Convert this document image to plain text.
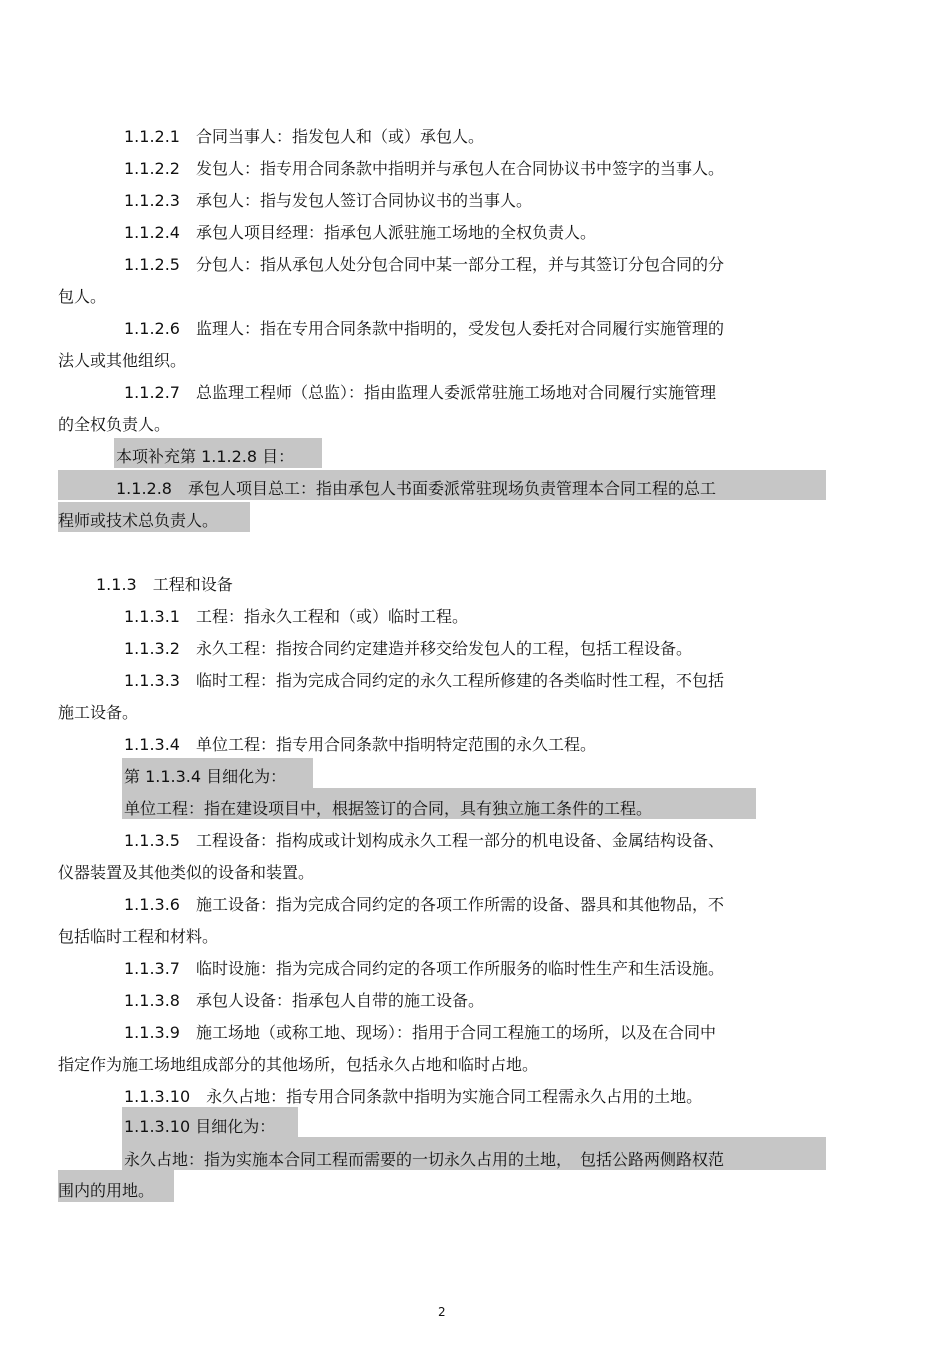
1.1.2.1　合同当事人：指发包人和（或）承包人。
1.1.2.2　发包人：指专用合同条款中指明并与承包人在合同协议书中签字的当事人。
1.1.2.3　承包人：指与发包人签订合同协议书的当事人。
1.1.2.4　承包人项目经理：指承包人派驻施工场地的全权负责人。
1.1.2.5　分包人：指从承包人处分包合同中某一部分工程，并与其签订分包合同的分
包人。
1.1.2.6　监理人：指在专用合同条款中指明的，受发包人委托对合同履行实施管理的
法人或其他组织。
1.1.2.7　总监理工程师（总监）：指由监理人委派常驻施工场地对合同履行实施管理
的全权负责人。
本项补充第 1.1.2.8 目：
1.1.2.8　承包人项目总工：指由承包人书面委派常驻现场负责管理本合同工程的总工
程师或技术总负责人。
1.1.3　工程和设备
1.1.3.1　工程：指永久工程和（或）临时工程。
1.1.3.2　永久工程：指按合同约定建造并移交给发包人的工程，包括工程设备。
1.1.3.3　临时工程：指为完成合同约定的永久工程所修建的各类临时性工程，不包括
施工设备。
1.1.3.4　单位工程：指专用合同条款中指明特定范围的永久工程。
第 1.1.3.4 目细化为：
单位工程：指在建设项目中，根据签订的合同，具有独立施工条件的工程。
1.1.3.5　工程设备：指构成或计划构成永久工程一部分的机电设备、金属结构设备、
仪器装置及其他类似的设备和装置。
1.1.3.6　施工设备：指为完成合同约定的各项工作所需的设备、器具和其他物品，不
包括临时工程和材料。
1.1.3.7　临时设施：指为完成合同约定的各项工作所服务的临时性生产和生活设施。
1.1.3.8　承包人设备：指承包人自带的施工设备。
1.1.3.9　施工场地（或称工地、现场）：指用于合同工程施工的场所，以及在合同中
指定作为施工场地组成部分的其他场所，包括永久占地和临时占地。
1.1.3.10　永久占地：指专用合同条款中指明为实施合同工程需永久占用的土地。
1.1.3.10 目细化为：
永久占地：指为实施本合同工程而需要的一切永久占用的土地，　包括公路两侧路权范
围内的用地。
2
